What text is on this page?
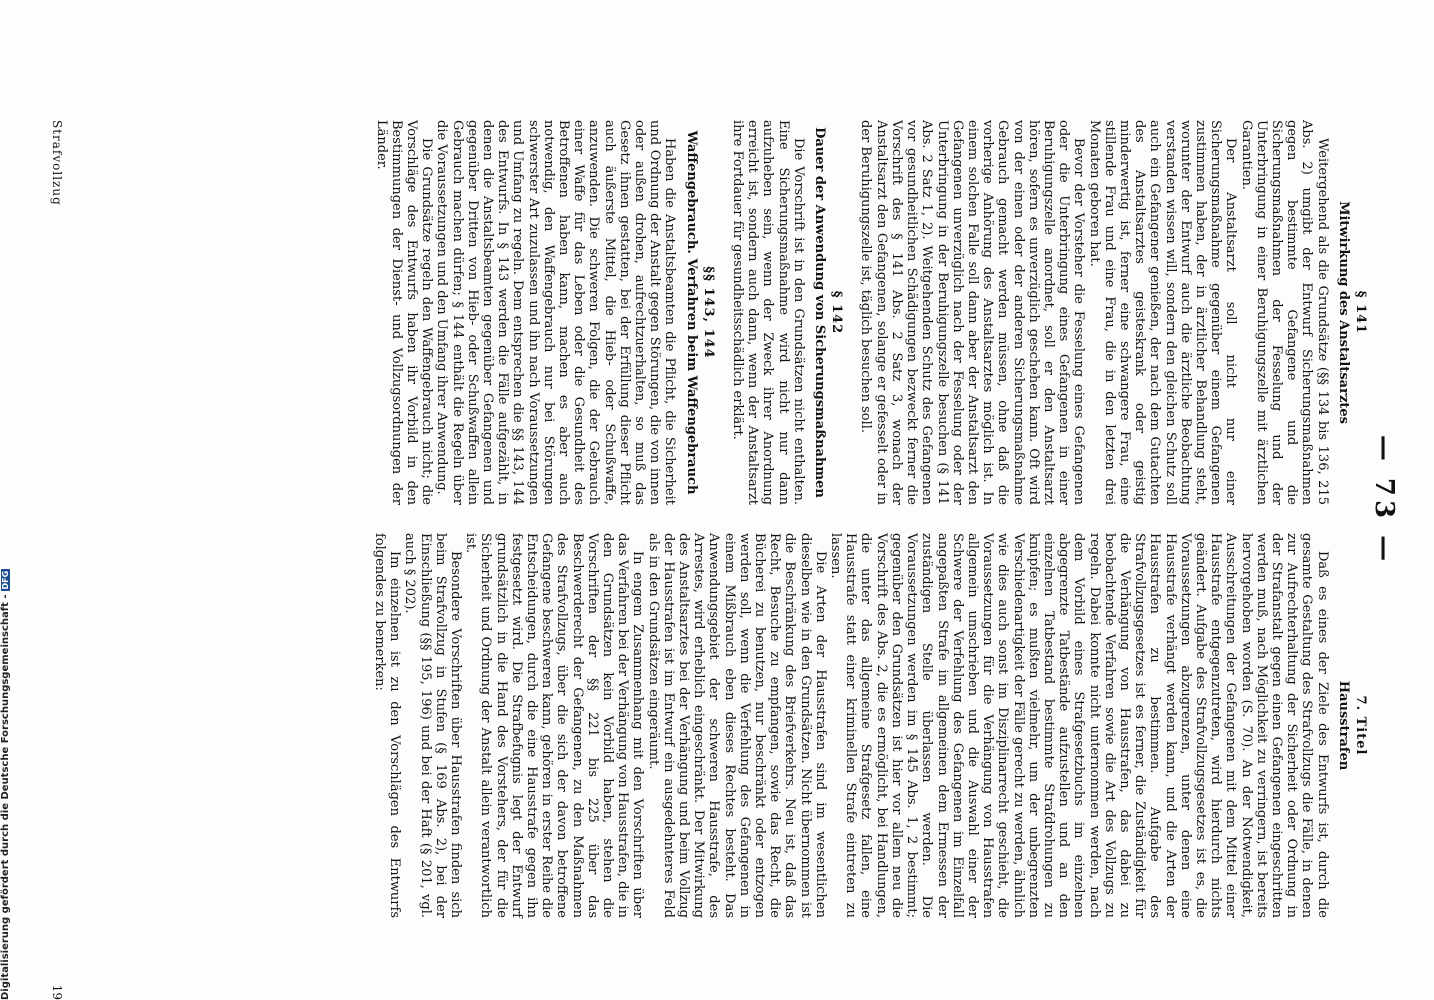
— 73 —
§ 141
Mitwirkung des Anstaltsarztes

Weitergehend als die Grundsätze (§§ 134 bis 136, 215 Abs. 2) umgibt der Entwurf Sicherungsmaßnahmen gegen bestimmte Gefangene und die Sicherungsmaßnahmen der Fesselung und der Unterbringung in einer Beruhigungszelle mit ärztlichen Garantien.

Der Anstaltsarzt soll nicht nur einer Sicherungsmaßnahme gegenüber einem Gefangenen zustimmen haben, der in ärztlicher Behandlung steht, worunter der Entwurf auch die ärztliche Beobachtung verstanden wissen will, sondern den gleichen Schutz soll auch ein Gefangener genießen, der nach dem Gutachten des Anstaltsarztes geisteskrank oder geistig minderwertig ist, ferner eine schwangere Frau, eine stillende Frau und eine Frau, die in den letzten drei Monaten geboren hat.

Bevor der Vorsteher die Fesselung eines Gefangenen oder die Unterbringung eines Gefangenen in einer Beruhigungszelle anordnet, soll er den Anstaltsarzt hören, sofern es unverzüglich geschehen kann. Oft wird von der einen oder der anderen Sicherungsmaßnahme Gebrauch gemacht werden müssen, ohne daß die vorherige Anhörung des Anstaltsarztes möglich ist. In einem solchen Falle soll dann aber der Anstaltsarzt den Gefangenen unverzüglich nach der Fesselung oder der Unterbringung in der Beruhigungszelle besuchen (§ 141 Abs. 2 Satz 1, 2). Weitgehenden Schutz des Gefangenen vor gesundheitlichen Schädigungen bezweckt ferner die Vorschrift des § 141 Abs. 2 Satz 3, wonach der Anstaltsarzt den Gefangenen, solange er gefesselt oder in der Beruhigungszelle ist, täglich besuchen soll.

§ 142
Dauer der Anwendung von Sicherungsmaßnahmen

Die Vorschrift ist in den Grundsätzen nicht enthalten. Eine Sicherungsmaßnahme wird nicht nur dann aufzuheben sein, wenn der Zweck ihrer Anordnung erreicht ist, sondern auch dann, wenn der Anstaltsarzt ihre Fortdauer für gesundheitsschädlich erklärt.

§§ 143, 144
Waffengebrauch. Verfahren beim Waffengebrauch

Haben die Anstaltsbeamten die Pflicht, die Sicherheit und Ordnung der Anstalt gegen Störungen, die von innen oder außen drohen, aufrechtzuerhalten, so muß das Gesetz ihnen gestatten, bei der Erfüllung dieser Pflicht auch äußerste Mittel, die Hieb- oder Schußwaffe, anzuwenden. Die schweren Folgen, die der Gebrauch einer Waffe für das Leben oder die Gesundheit des Betroffenen haben kann, machen es aber auch notwendig, den Waffengebrauch nur bei Störungen schwerster Art zuzulassen und ihn nach Voraussetzungen und Umfang zu regeln. Dem entsprechen die §§ 143, 144 des Entwurfs. In § 143 werden die Fälle aufgezählt, in denen die Anstaltsbeamten gegenüber Gefangenen und gegenüber Dritten von Hieb- oder Schußwaffen allein Gebrauch machen dürfen; § 144 enthält die Regeln über die Voraussetzungen und den Umfang ihrer Anwendung.

Die Grundsätze regeln den Waffengebrauch nicht; die Vorschläge des Entwurfs haben ihr Vorbild in den Bestimmungen der Dienst- und Vollzugsordnungen der Länder.

7. Titel
Hausstrafen

Daß es eines der Ziele des Entwurfs ist, durch die gesamte Gestaltung des Strafvollzugs die Fälle, in denen zur Aufrechterhaltung der Sicherheit oder Ordnung in der Strafanstalt gegen einen Gefangenen eingeschritten werden muß, nach Möglichkeit zu verringern, ist bereits hervorgehoben worden (S. 70). An der Notwendigkeit, Ausschreitungen der Gefangenen mit dem Mittel einer Hausstrafe entgegenzutreten, wird hierdurch nichts geändert. Aufgabe des Strafvollzugsgesetzes ist es, die Voraussetzungen abzugrenzen, unter denen eine Hausstrafe verhängt werden kann, und die Arten der Hausstrafen zu bestimmen. Aufgabe des Strafvollzugsgesetzes ist es ferner, die Zuständigkeit für die Verhängung von Hausstrafen, das dabei zu beobachtende Verfahren sowie die Art des Vollzugs zu regeln. Dabei konnte nicht unternommen werden, nach dem Vorbild eines Strafgesetzbuchs im einzelnen abgegrenzte Tatbestände aufzustellen und an den einzelnen Tatbestand bestimmte Strafdrohungen zu knüpfen; es mußten vielmehr, um der unbegrenzten Verschiedenartigkeit der Fälle gerecht zu werden, ähnlich wie dies auch sonst im Disziplinarrecht geschieht, die Voraussetzungen für die Verhängung von Hausstrafen allgemein umschrieben und die Auswahl einer der Schwere der Verfehlung des Gefangenen im Einzelfall angepaßten Strafe im allgemeinen dem Ermessen der zuständigen Stelle überlassen werden. Die Voraussetzungen werden im § 145 Abs. 1, 2 bestimmt; gegenüber den Grundsätzen ist hier vor allem neu die Vorschrift des Abs. 2, die es ermöglicht, bei Handlungen, die unter das allgemeine Strafgesetz fallen, eine Hausstrafe statt einer kriminellen Strafe eintreten zu lassen.

Die Arten der Hausstrafen sind im wesentlichen dieselben wie in den Grundsätzen. Nicht übernommen ist die Beschränkung des Briefverkehrs. Neu ist, daß das Recht, Besuche zu empfangen, sowie das Recht, die Bücherei zu benutzen, nur beschränkt oder entzogen werden soll, wenn die Verfehlung des Gefangenen in einem Mißbrauch eben dieses Rechtes besteht. Das Anwendungsgebiet der schweren Hausstrafe, des Arrestes, wird erheblich eingeschränkt. Der Mitwirkung des Anstaltsarztes bei der Verhängung und beim Vollzug der Hausstrafen ist im Entwurf ein ausgedehnteres Feld als in den Grundsätzen eingeräumt.

In engem Zusammenhang mit den Vorschriften über das Verfahren bei der Verhängung von Hausstrafen, die in den Grundsätzen kein Vorbild haben, stehen die Vorschriften der §§ 221 bis 225 über das Beschwerderecht der Gefangenen, zu den Maßnahmen des Strafvollzugs, über die sich der davon betroffene Gefangene beschweren kann, gehören in erster Reihe die Entscheidungen, durch die eine Hausstrafe gegen ihn festgesetzt wird. Die Strafbefugnis legt der Entwurf grundsätzlich in die Hand des Vorstehers, der für die Sicherheit und Ordnung der Anstalt allein verantwortlich ist.

Besondere Vorschriften über Hausstrafen finden sich beim Strafvollzug in Stufen (§ 169 Abs. 2), bei der Einschließung (§§ 195, 196) und bei der Haft (§ 201, vgl. auch § 202).

Im einzelnen ist zu den Vorschlägen des Entwurfs folgendes zu bemerken:

Strafvollzug
19
Digitalisierung gefördert durch die Deutsche Forschungsgemeinschaft -DFG
